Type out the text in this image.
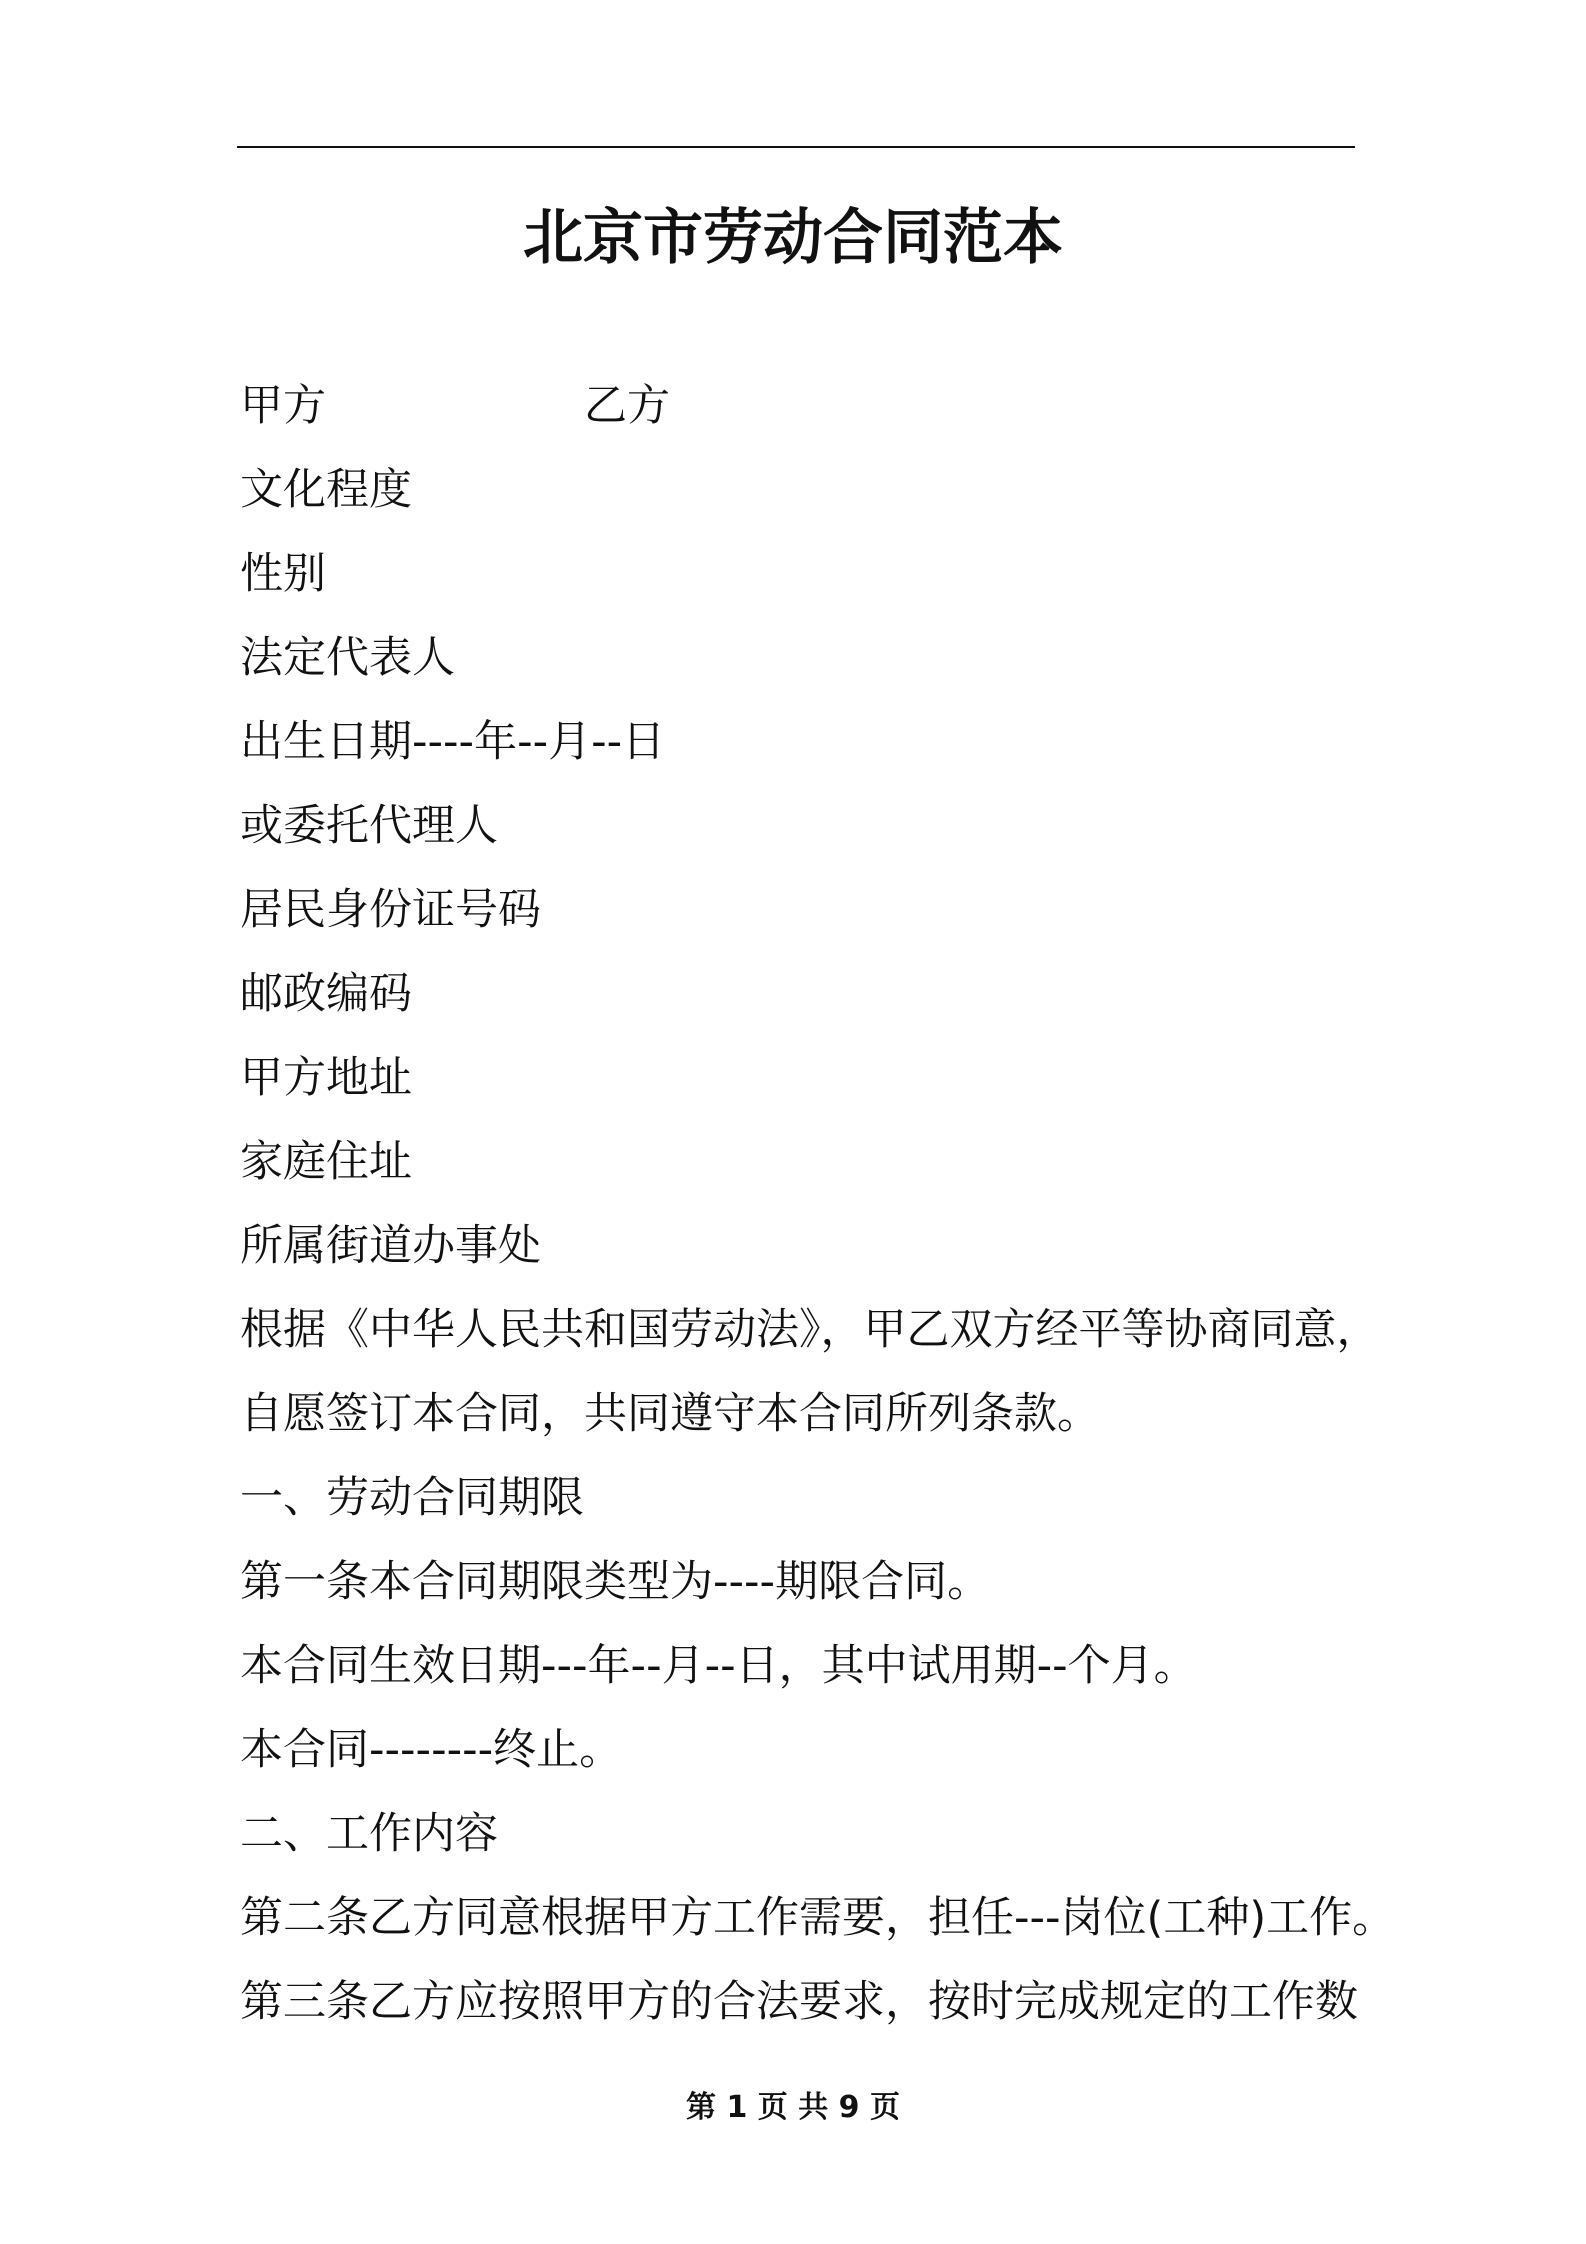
北京市劳动合同范本
甲方	乙方
文化程度
性别
法定代表人
出生日期----年--月--日
或委托代理人
居民身份证号码
邮政编码
甲方地址
家庭住址
所属街道办事处
根据《中华人民共和国劳动法》，甲乙双方经平等协商同意，
自愿签订本合同，共同遵守本合同所列条款。
一、劳动合同期限
第一条本合同期限类型为----期限合同。
本合同生效日期---年--月--日，其中试用期--个月。
本合同--------终止。
二、工作内容
第二条乙方同意根据甲方工作需要，担任---岗位(工种)工作。
第三条乙方应按照甲方的合法要求，按时完成规定的工作数
第 1 页 共 9 页
